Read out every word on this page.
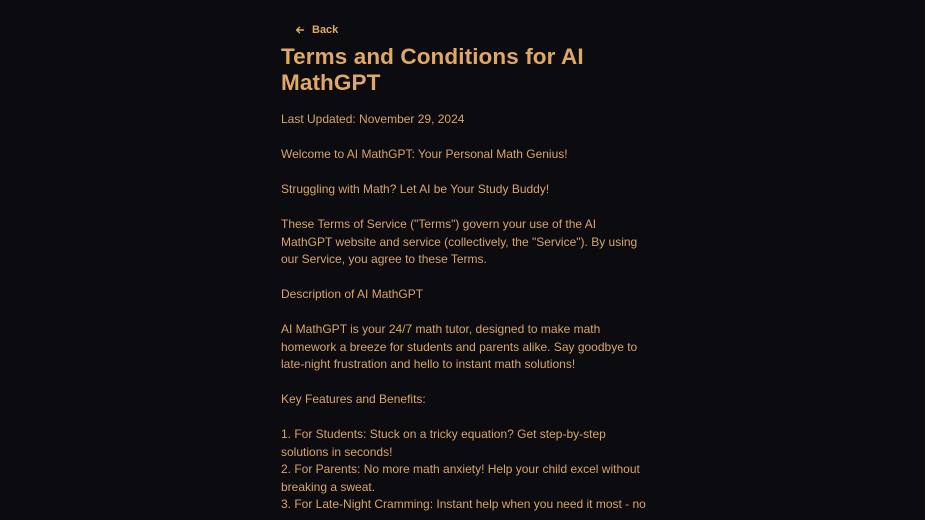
Back
Terms and Conditions for AI MathGPT

Last Updated: November 29, 2024

Welcome to AI MathGPT: Your Personal Math Genius!

Struggling with Math? Let AI be Your Study Buddy!

These Terms of Service ("Terms") govern your use of the AI MathGPT website and service (collectively, the "Service"). By using our Service, you agree to these Terms.

Description of AI MathGPT

AI MathGPT is your 24/7 math tutor, designed to make math homework a breeze for students and parents alike. Say goodbye to late-night frustration and hello to instant math solutions!

Key Features and Benefits:

1. For Students: Stuck on a tricky equation? Get step-by-step solutions in seconds!

2. For Parents: No more math anxiety! Help your child excel without breaking a sweat.

3. For Late-Night Cramming: Instant help when you need it most - no
